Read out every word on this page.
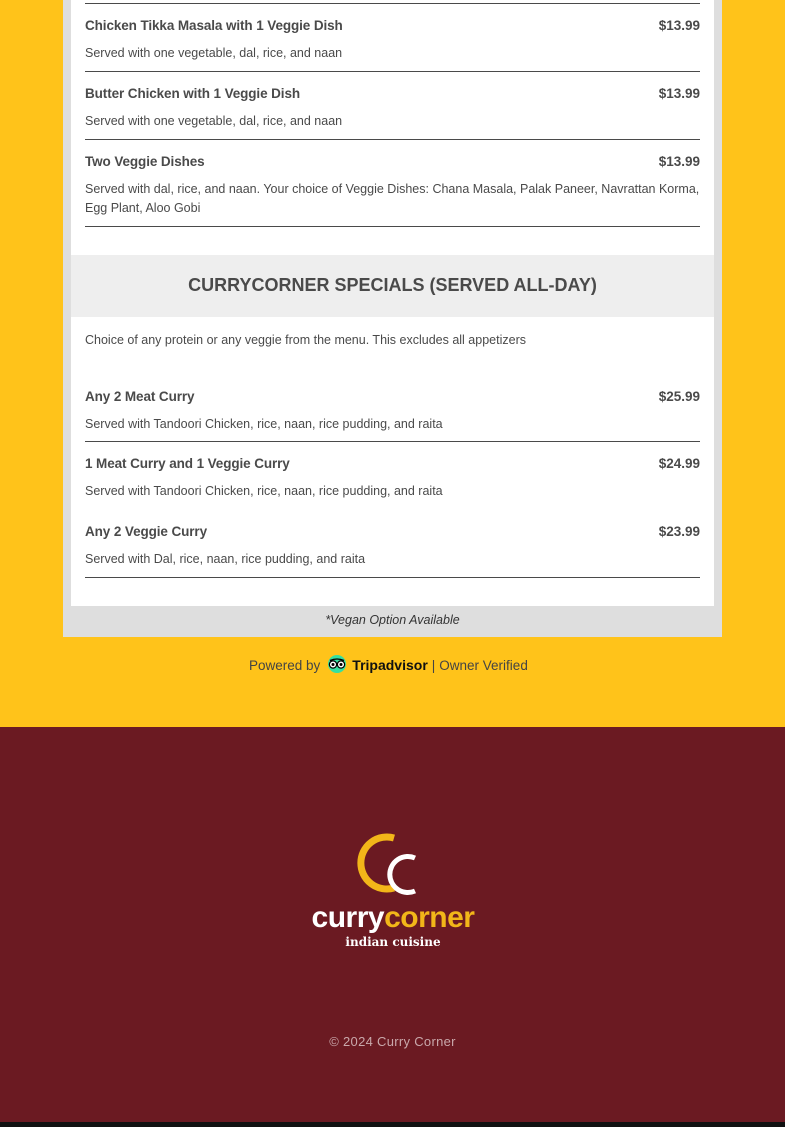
Chicken Tikka Masala with 1 Veggie Dish	$13.99
Served with one vegetable, dal, rice, and naan
Butter Chicken with 1 Veggie Dish	$13.99
Served with one vegetable, dal, rice, and naan
Two Veggie Dishes	$13.99
Served with dal, rice, and naan. Your choice of Veggie Dishes: Chana Masala, Palak Paneer, Navrattan Korma, Egg Plant, Aloo Gobi
CURRYCORNER SPECIALS (SERVED ALL-DAY)
Choice of any protein or any veggie from the menu. This excludes all appetizers
Any 2 Meat Curry	$25.99
Served with Tandoori Chicken, rice, naan, rice pudding, and raita
1 Meat Curry and 1 Veggie Curry	$24.99
Served with Tandoori Chicken, rice, naan, rice pudding, and raita
Any 2 Veggie Curry	$23.99
Served with Dal, rice, naan, rice pudding, and raita
*Vegan Option Available
Powered by Tripadvisor | Owner Verified
currycorner
indian cuisine
© 2024 Curry Corner
